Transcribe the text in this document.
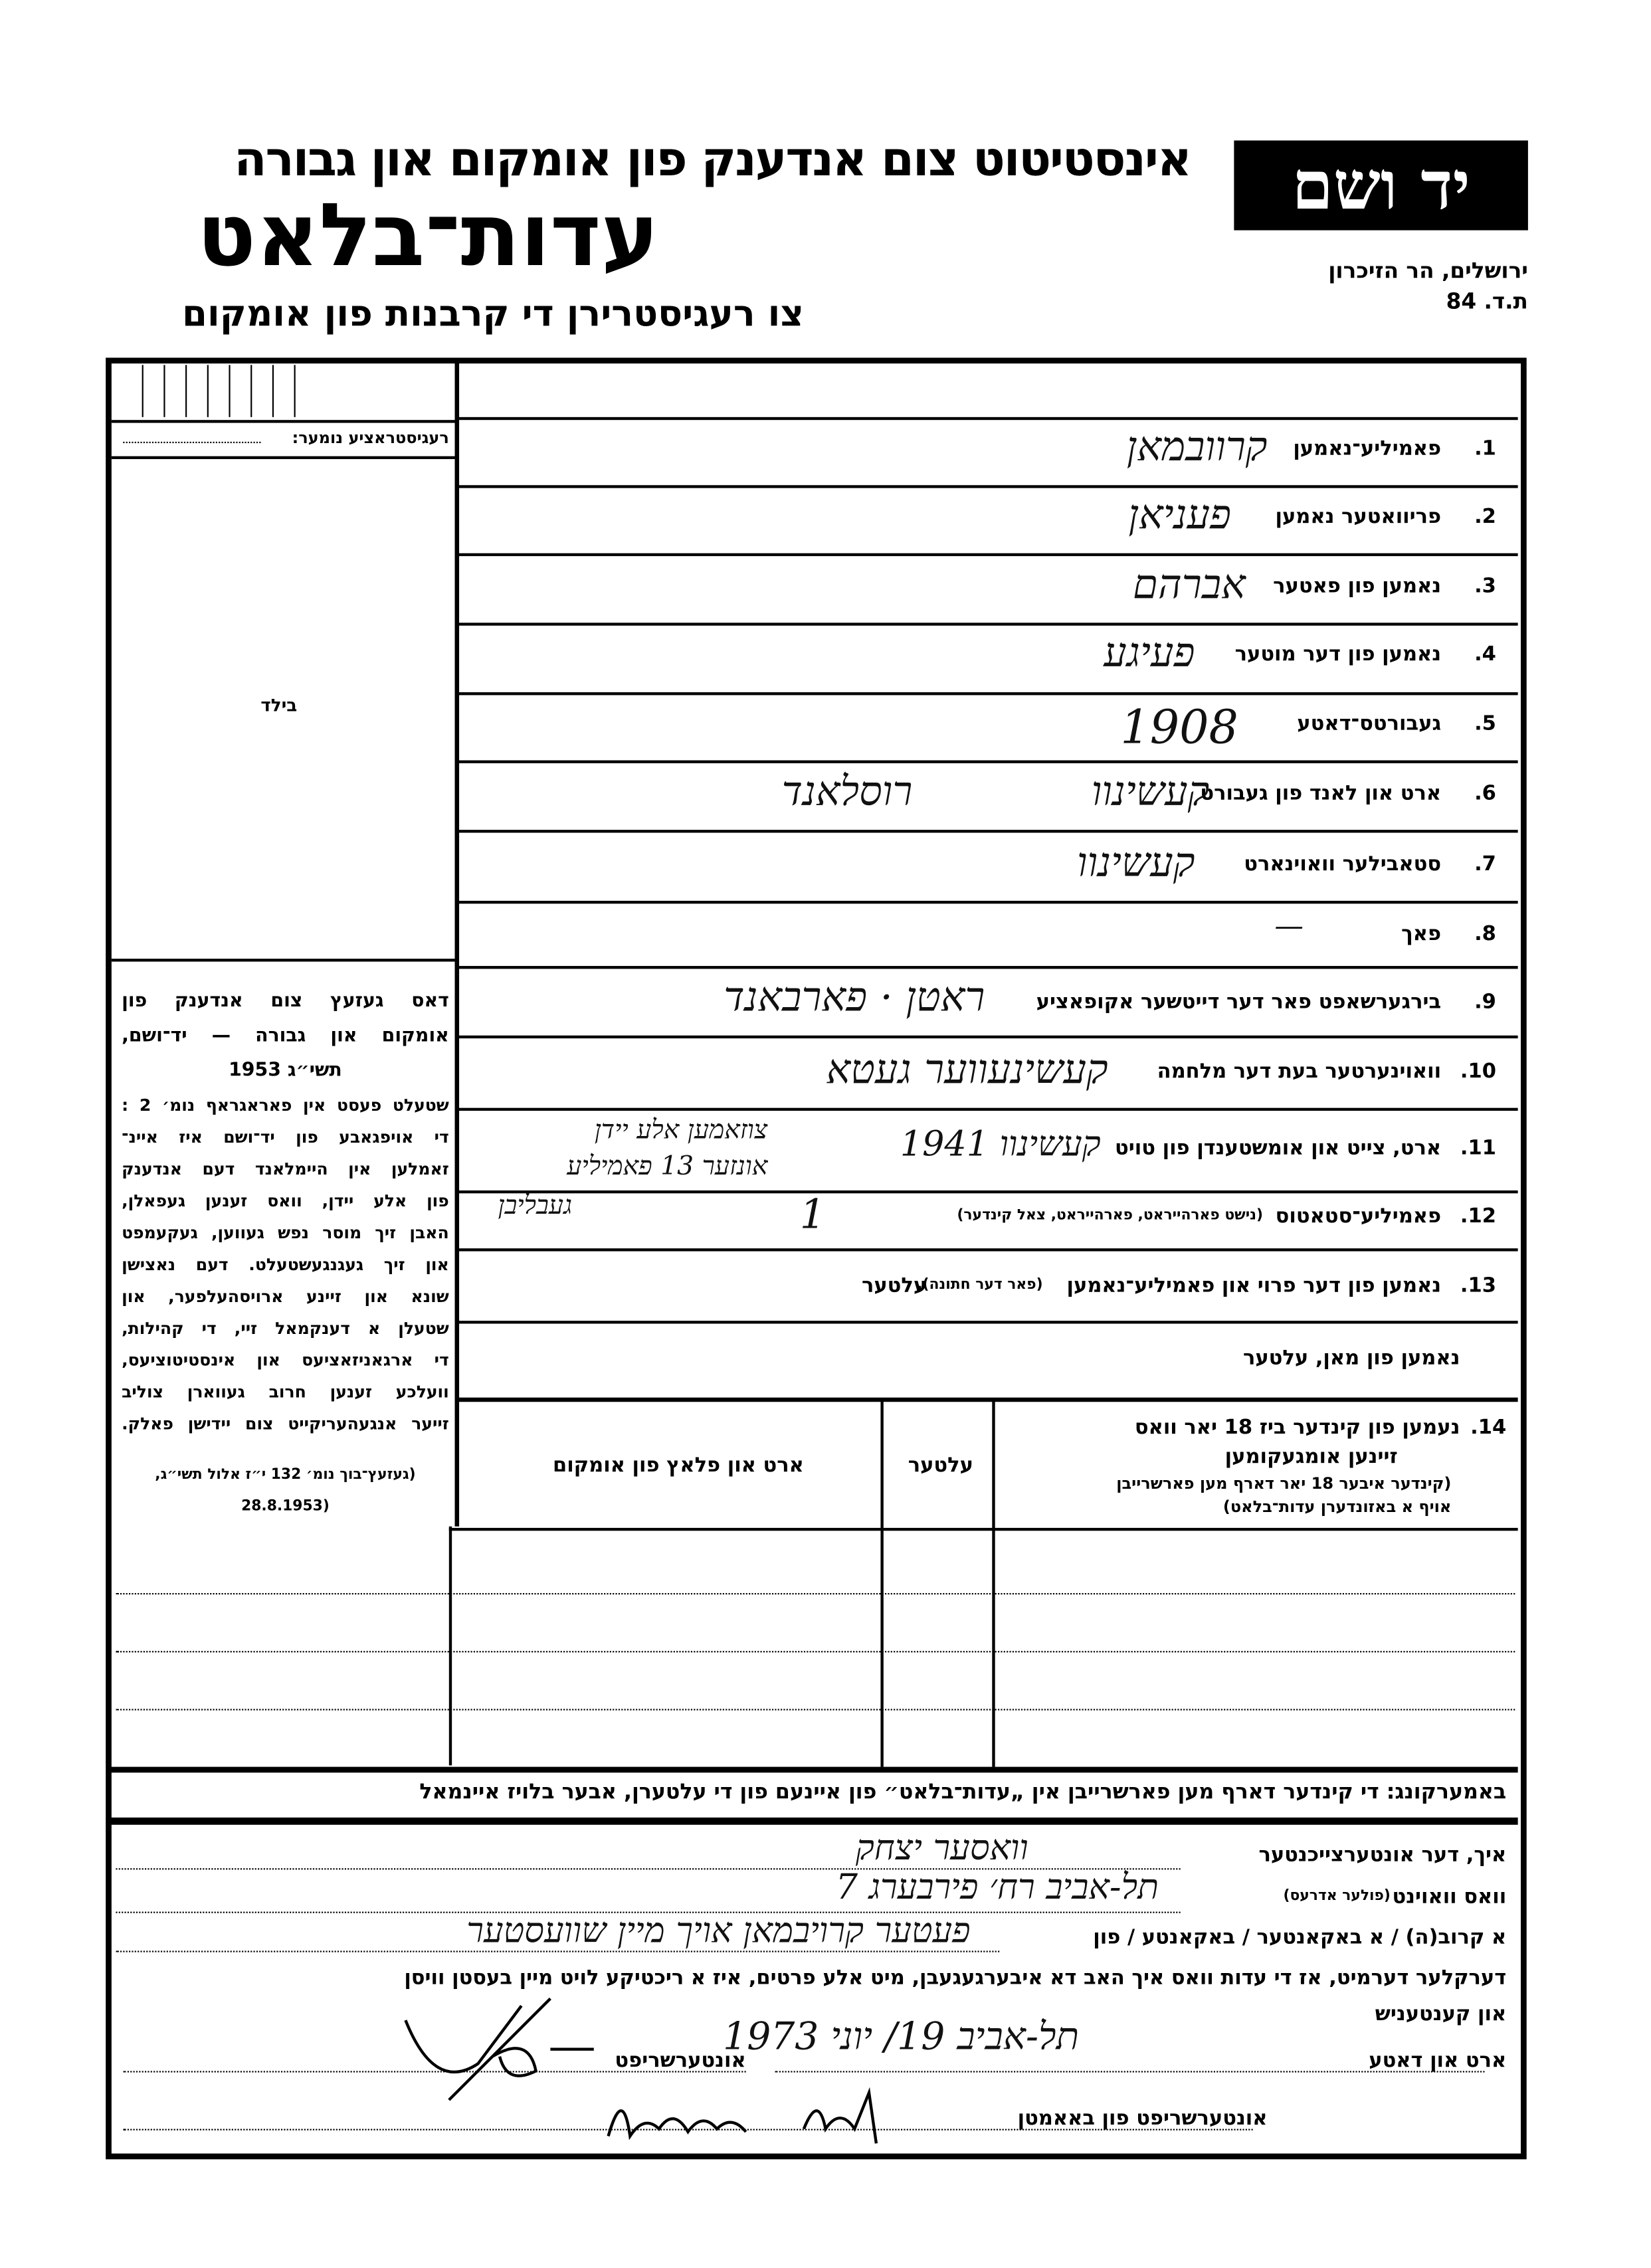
אינסטיטוט צום אנדענק פון אומקום און גבורה
עדות־בלאט
צו רעגיסטרירן די קרבנות פון אומקום
יד ושם
ירושלים, הר הזיכרון
ת.ד. 84
רעגיסטראציע נומער:
בילד
דאס געזעץ צום אנדענק פון
אומקום און גבורה — יד־ושם,
תשי״ג 1953
שטעלט פעסט אין פאראגראף נומ׳ 2 :
די אויפגאבע פון יד־ושם איז איינ־
זאמלען אין היימלאנד דעם אנדענק
פון אלע יידן, וואס זענען געפאלן,
האבן זיך מוסר נפש געווען, געקעמפט
און זיך געגנגעשטעלט. דעם נאצישן
שונא און זיינע ארויסהעלפער, און
שטעלן א דענקמאל זיי, די קהילות,
די ארגאניזאציעס און אינסטיטוציעס,
וועלכע זענען חרוב געווארן צוליב
זייער אנגעהעריקייט צום יידישן פאלק.
(געזעץ־בוך נומ׳ 132 י״ז אלול תשי״ג,
(28.8.1953
1.
פאמיליע־נאמען
קרוובמאן
2.
פריוואטער נאמען
פעניאן
3.
נאמען פון פאטער
אברהם
4.
נאמען פון דער מוטער
פעיגע
5.
געבורטס־דאטע
1908
6.
ארט און לאנד פון געבורט
קעשינוו
רוסלאנד
7.
סטאבילער וואוינארט
קעשינוו
8.
פאך
—
9.
בירגערשאפט פאר דער דייטשער אקופאציע
ראטן · פארבאנד
10.
וואוינערטער בעת דער מלחמה
קעשינעווער געטא
11.
ארט, צייט און אומשטענדן פון טויט
קעשינוו 1941
צוזאמען אלע יידן
אונזער 13 פאמיליע
געבליבן	12.
פאמיליע־סטאטוס
(נישט פארהייראט, פארהייראט, צאל קינדער)
1
13.
נאמען פון דער פרוי און פאמיליע־נאמען
(פאר דער חתונה),
עלטער
נאמען פון מאן, עלטער
14.
נעמען פון קינדער ביז 18 יאר וואס
זיינען אומגעקומען
(קינדער איבער 18 יאר דארף מען פארשרייבן
אויף א באזונדערן עדות־בלאט)
עלטער
ארט און פלאץ פון אומקום
באמערקונג: די קינדער דארף מען פארשרייבן אין „עדות־בלאט״ פון איינעם פון די עלטערן, אבער בלויז איינמאל
איך, דער אונטערצייכנטער
וואסער יצחק
וואס וואוינט
(פולער אדרעס)
תל-אביב רח׳ פירבערג 7
א קרוב(ה) / א באקאנטער / באקאנטע / פון
פעטער קרויבמאן אויך מיין שוועסטער
דערקלער דערמיט, אז די עדות וואס איך האב דא איבערגעגעבן, מיט אלע פרטים, איז א ריכטיקע לויט מיין בעסטן וויסן
און קענטעניש
ארט און דאטע
תל-אביב 19/ יוני 1973
אונטערשריפט
אונטערשריפט פון באאמטן
